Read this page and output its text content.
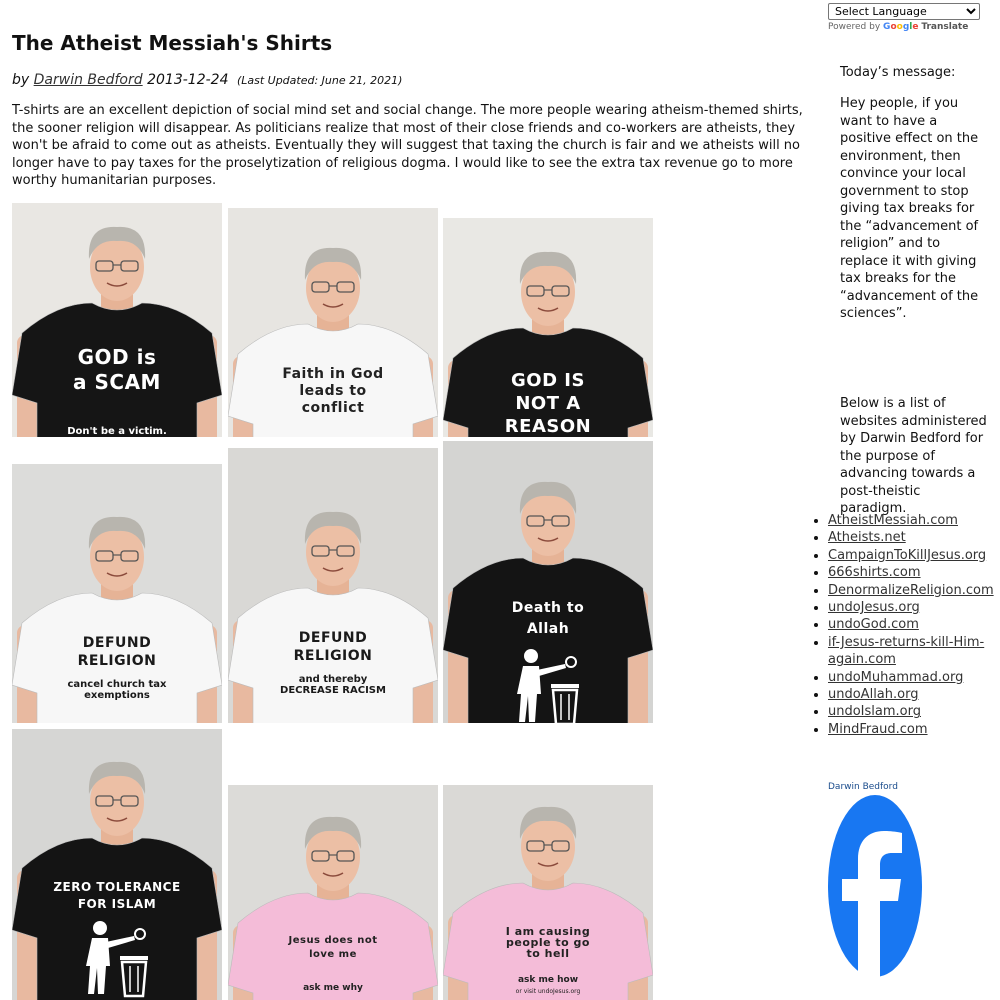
The Atheist Messiah's Shirts
by Darwin Bedford 2013-12-24 (Last Updated: June 21, 2021)

T-shirts are an excellent depiction of social mind set and social change. The more people wearing atheism-themed shirts, the sooner religion will disappear. As politicians realize that most of their close friends and co-workers are atheists, they won't be afraid to come out as atheists. Eventually they will suggest that taxing the church is fair and we atheists will no longer have to pay taxes for the proselytization of religious dogma. I would like to see the extra tax revenue go to more worthy humanitarian purposes.

GOD is
a SCAM
Don't be a victim.
Faith in God
leads to
conflict
GOD IS
NOT A
REASON
DEFUND
RELIGION
cancel church tax exemptions
DEFUND
RELIGION
and thereby DECREASE RACISM
Death to
Allah
ZERO TOLERANCE
FOR ISLAM
Jesus does not
love me
ask me why
I am causing
people to go
to hell
ask me how
or visit undoJesus.org
Select Language
Powered by Google Translate
Today’s message:

Hey people, if you want to have a positive effect on the environment, then convince your local government to stop giving tax breaks for the “advancement of religion” and to replace it with giving tax breaks for the “advancement of the sciences”.

Below is a list of websites administered by Darwin Bedford for the purpose of advancing towards a post-theistic paradigm.

• AtheistMessiah.com
• Atheists.net
• CampaignToKillJesus.org
• 666shirts.com
• DenormalizeReligion.com
• undoJesus.org
• undoGod.com
• if-Jesus-returns-kill-Him-again.com
• undoMuhammad.org
• undoAllah.org
• undoIslam.org
• MindFraud.com
Darwin Bedford
